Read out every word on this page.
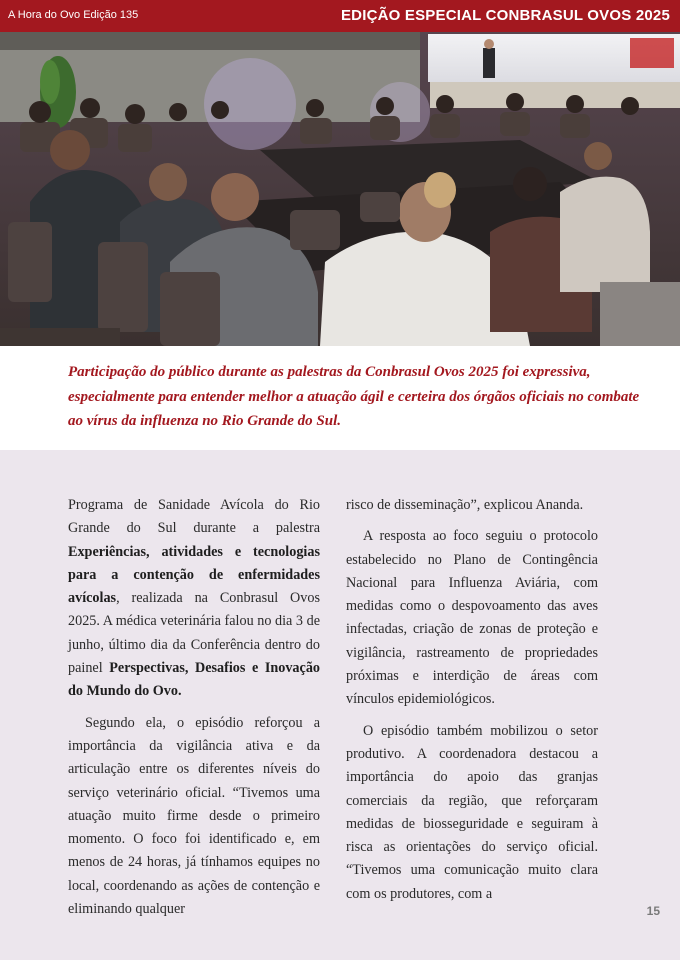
A Hora do Ovo Edição 135	EDIÇÃO ESPECIAL CONBRASUL OVOS 2025

Participação do público durante as palestras da Conbrasul Ovos 2025 foi expressiva, especialmente para entender melhor a atuação ágil e certeira dos órgãos oficiais no combate ao vírus da influenza no Rio Grande do Sul.

Programa de Sanidade Avícola do Rio Grande do Sul durante a palestra Experiências, atividades e tecnologias para a contenção de enfermidades avícolas, realizada na Conbrasul Ovos 2025. A médica veterinária falou no dia 3 de junho, último dia da Conferência dentro do painel Perspectivas, Desafios e Inovação do Mundo do Ovo.

Segundo ela, o episódio reforçou a importância da vigilância ativa e da articulação entre os diferentes níveis do serviço veterinário oficial. “Tivemos uma atuação muito firme desde o primeiro momento. O foco foi identificado e, em menos de 24 horas, já tínhamos equipes no local, coordenando as ações de contenção e eliminando qualquer

risco de disseminação”, explicou Ananda.

A resposta ao foco seguiu o protocolo estabelecido no Plano de Contingência Nacional para Influenza Aviária, com medidas como o despovoamento das aves infectadas, criação de zonas de proteção e vigilância, rastreamento de propriedades próximas e interdição de áreas com vínculos epidemiológicos.

O episódio também mobilizou o setor produtivo. A coordenadora destacou a importância do apoio das granjas comerciais da região, que reforçaram medidas de biosseguridade e seguiram à risca as orientações do serviço oficial. “Tivemos uma comunicação muito clara com os produtores, com a

15
